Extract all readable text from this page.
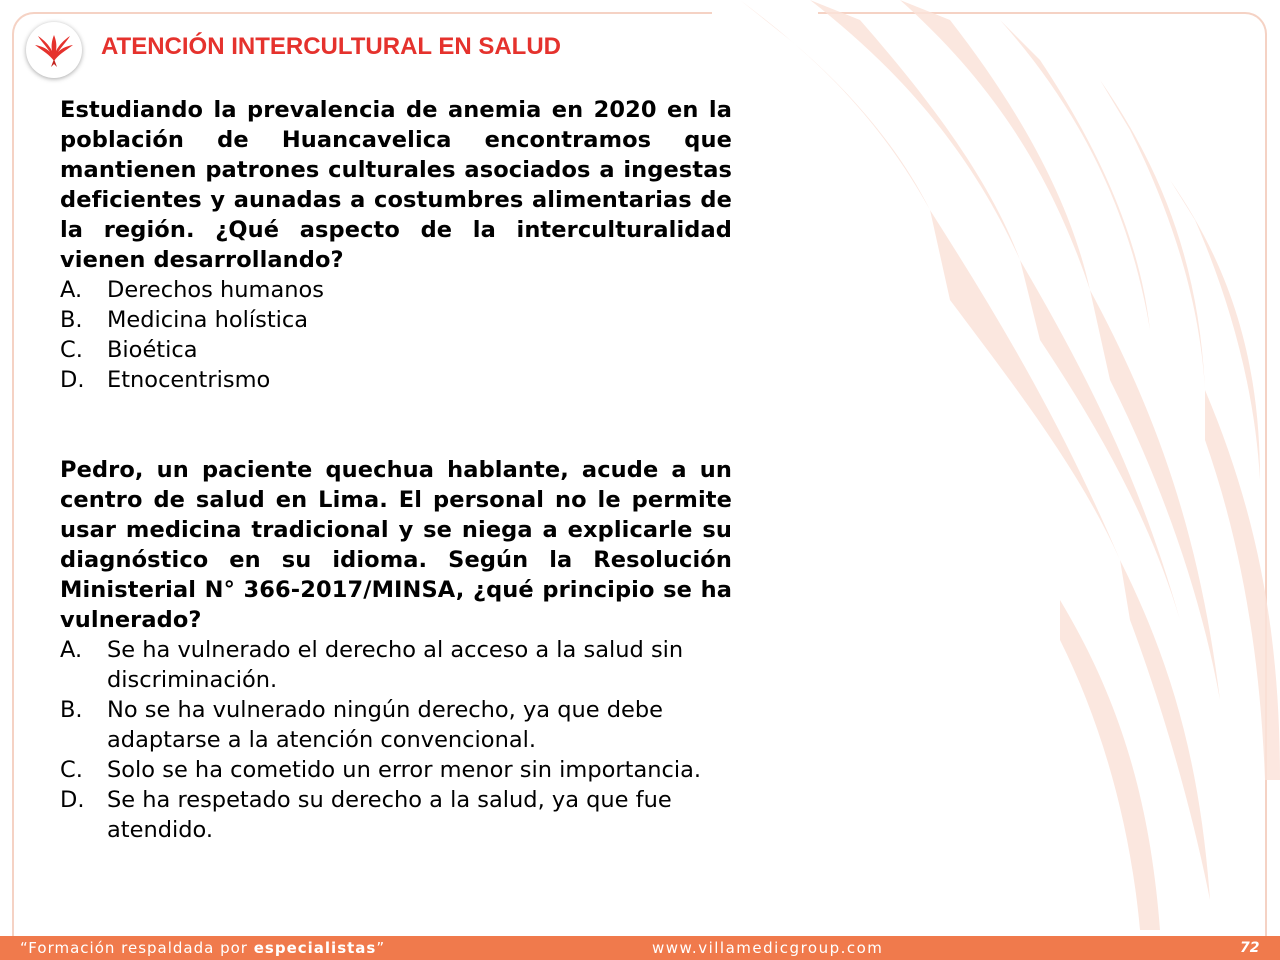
ATENCIÓN INTERCULTURAL EN SALUD

Estudiando la prevalencia de anemia en 2020 en la población de Huancavelica encontramos que mantienen patrones culturales asociados a ingestas deficientes y aunadas a costumbres alimentarias de la región. ¿Qué aspecto de la interculturalidad vienen desarrollando?

A.	Derechos humanos
B.	Medicina holística
C.	Bioética
D.	Etnocentrismo

Pedro, un paciente quechua hablante, acude a un centro de salud en Lima. El personal no le permite usar medicina tradicional y se niega a explicarle su diagnóstico en su idioma. Según la Resolución Ministerial N° 366-2017/MINSA, ¿qué principio se ha vulnerado?

A.	Se ha vulnerado el derecho al acceso a la salud sin discriminación.
B.	No se ha vulnerado ningún derecho, ya que debe adaptarse a la atención convencional.
C.	Solo se ha cometido un error menor sin importancia.
D.	Se ha respetado su derecho a la salud, ya que fue atendido.
“Formación respaldada por especialistas”	www.villamedicgroup.com	72
